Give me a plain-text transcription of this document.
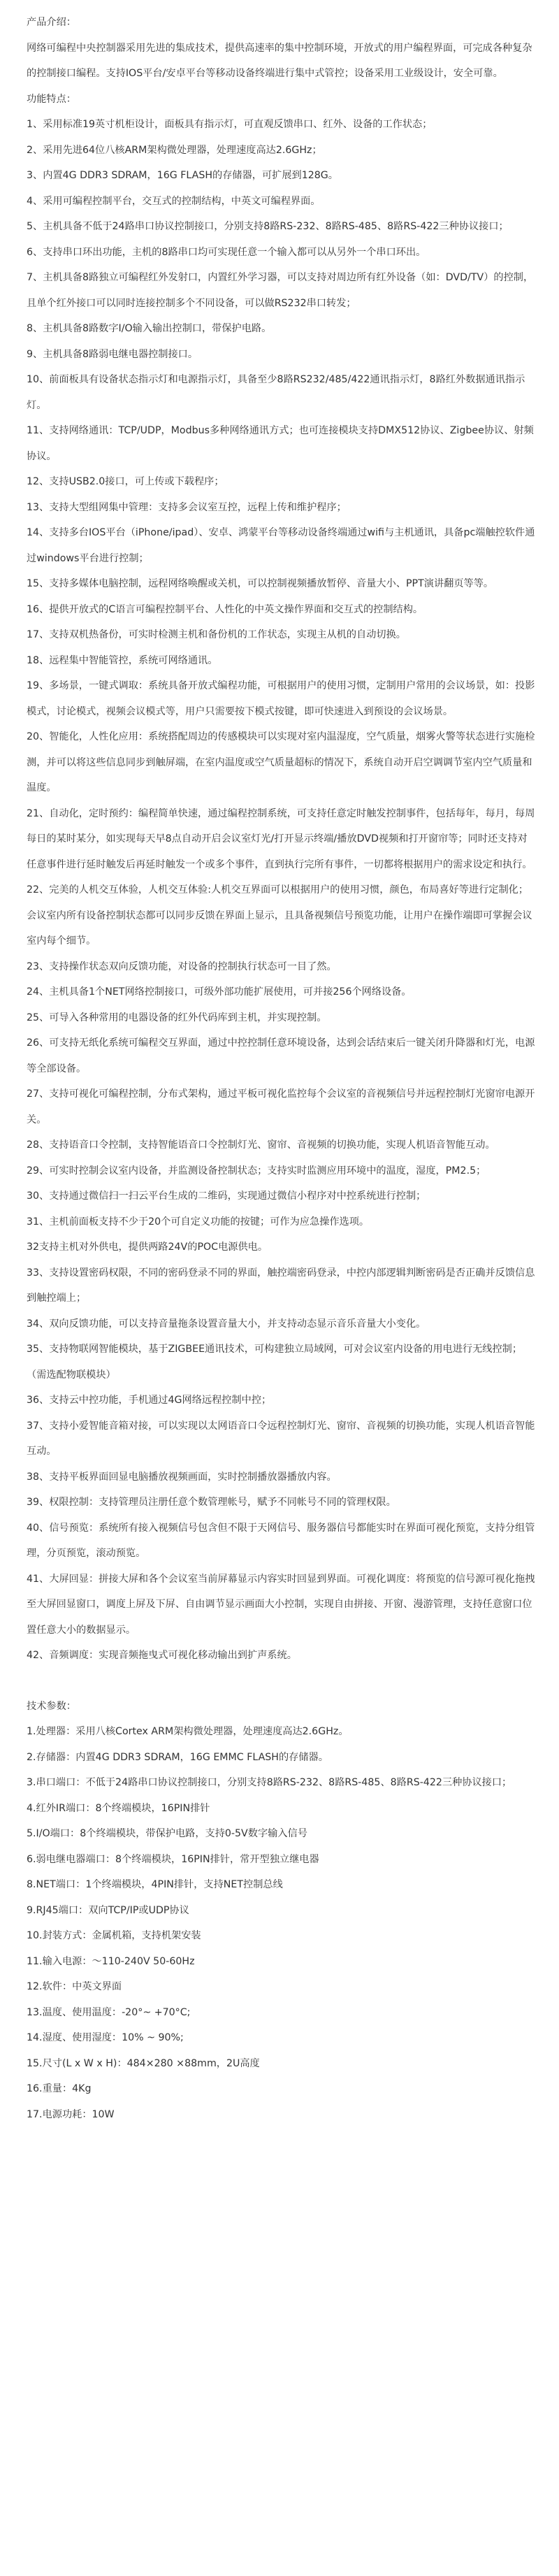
产品介绍：

网络可编程中央控制器采用先进的集成技术，提供高速率的集中控制环境，开放式的用户编程界面，可完成各种复杂的控制接口编程。支持IOS平台/安卓平台等移动设备终端进行集中式管控；设备采用工业级设计，安全可靠。

功能特点：

1、采用标准19英寸机柜设计，面板具有指示灯，可直观反馈串口、红外、设备的工作状态；

2、采用先进64位八核ARM架构微处理器，处理速度高达2.6GHz；

3、内置4G DDR3 SDRAM，16G FLASH的存储器，可扩展到128G。

4、采用可编程控制平台，交互式的控制结构，中英文可编程界面。

5、主机具备不低于24路串口协议控制接口，分别支持8路RS-232、8路RS-485、8路RS-422三种协议接口；

6、支持串口环出功能，主机的8路串口均可实现任意一个输入都可以从另外一个串口环出。

7、主机具备8路独立可编程红外发射口，内置红外学习器，可以支持对周边所有红外设备（如：DVD/TV）的控制，且单个红外接口可以同时连接控制多个不同设备，可以做RS232串口转发；

8、主机具备8路数字I/O输入输出控制口，带保护电路。

9、主机具备8路弱电继电器控制接口。

10、前面板具有设备状态指示灯和电源指示灯，具备至少8路RS232/485/422通讯指示灯，8路红外数据通讯指示灯。

11、支持网络通讯：TCP/UDP，Modbus多种网络通讯方式；也可连接模块支持DMX512协议、Zigbee协议、射频协议。

12、支持USB2.0接口，可上传或下载程序；

13、支持大型组网集中管理：支持多会议室互控，远程上传和维护程序；

14、支持多台IOS平台（iPhone/ipad）、安卓、鸿蒙平台等移动设备终端通过wifi与主机通讯，具备pc端触控软件通过windows平台进行控制；

15、支持多媒体电脑控制，远程网络唤醒或关机，可以控制视频播放暂停、音量大小、PPT演讲翻页等等。

16、提供开放式的C语言可编程控制平台、人性化的中英文操作界面和交互式的控制结构。

17、支持双机热备份，可实时检测主机和备份机的工作状态，实现主从机的自动切换。

18、远程集中智能管控，系统可网络通讯。

19、多场景，一键式调取：系统具备开放式编程功能，可根据用户的使用习惯，定制用户常用的会议场景，如：投影模式，讨论模式，视频会议模式等，用户只需要按下模式按键，即可快速进入到预设的会议场景。

20、智能化，人性化应用：系统搭配周边的传感模块可以实现对室内温湿度，空气质量，烟雾火警等状态进行实施检测，并可以将这些信息同步到触屏端，在室内温度或空气质量超标的情况下，系统自动开启空调调节室内空气质量和温度。

21、自动化，定时预约：编程简单快速，通过编程控制系统，可支持任意定时触发控制事件，包括每年，每月，每周每日的某时某分，如实现每天早8点自动开启会议室灯光/打开显示终端/播放DVD视频和打开窗帘等；同时还支持对任意事件进行延时触发后再延时触发一个或多个事件，直到执行完所有事件，一切都将根据用户的需求设定和执行。

22、完美的人机交互体验，人机交互体验:人机交互界面可以根据用户的使用习惯，颜色，布局喜好等进行定制化；会议室内所有设备控制状态都可以同步反馈在界面上显示，且具备视频信号预览功能，让用户在操作端即可掌握会议室内每个细节。

23、支持操作状态双向反馈功能，对设备的控制执行状态可一目了然。

24、主机具备1个NET网络控制接口，可级外部功能扩展使用，可并接256个网络设备。

25、可导入各种常用的电器设备的红外代码库到主机，并实现控制。

26、可支持无纸化系统可编程交互界面，通过中控控制任意环境设备，达到会话结束后一键关闭升降器和灯光，电源等全部设备。

27、支持可视化可编程控制，分布式架构，通过平板可视化监控每个会议室的音视频信号并远程控制灯光窗帘电源开关。

28、支持语音口令控制，支持智能语音口令控制灯光、窗帘、音视频的切换功能，实现人机语音智能互动。

29、可实时控制会议室内设备，并监测设备控制状态；支持实时监测应用环境中的温度，湿度，PM2.5；

30、支持通过微信扫一扫云平台生成的二维码，实现通过微信小程序对中控系统进行控制；

31、主机前面板支持不少于20个可自定义功能的按键；可作为应急操作选项。

32支持主机对外供电，提供两路24V的POC电源供电。

33、支持设置密码权限，不同的密码登录不同的界面，触控端密码登录，中控内部逻辑判断密码是否正确并反馈信息到触控端上；

34、双向反馈功能，可以支持音量拖条设置音量大小，并支持动态显示音乐音量大小变化。

35、支持物联网智能模块，基于ZIGBEE通讯技术，可构建独立局域网，可对会议室内设备的用电进行无线控制；（需选配物联模块）

36、支持云中控功能，手机通过4G网络远程控制中控；

37、支持小爱智能音箱对接，可以实现以太网语音口令远程控制灯光、窗帘、音视频的切换功能，实现人机语音智能互动。

38、支持平板界面回显电脑播放视频画面，实时控制播放器播放内容。

39、权限控制：支持管理员注册任意个数管理帐号，赋予不同帐号不同的管理权限。

40、信号预览：系统所有接入视频信号包含但不限于天网信号、服务器信号都能实时在界面可视化预览，支持分组管理，分页预览，滚动预览。

41、大屏回显：拼接大屏和各个会议室当前屏幕显示内容实时回显到界面。可视化调度：将预览的信号源可视化拖拽至大屏回显窗口，调度上屏及下屏、自由调节显示画面大小控制，实现自由拼接、开窗、漫游管理，支持任意窗口位置任意大小的数据显示。

42、音频调度：实现音频拖曳式可视化移动输出到扩声系统。

技术参数：

1.处理器：采用八核Cortex ARM架构微处理器，处理速度高达2.6GHz。

2.存储器：内置4G DDR3 SDRAM，16G EMMC FLASH的存储器。

3.串口端口：不低于24路串口协议控制接口，分别支持8路RS-232、8路RS-485、8路RS-422三种协议接口；

4.红外IR端口：8个终端模块，16PIN排针

5.I/O端口：8个终端模块，带保护电路，支持0-5V数字输入信号

6.弱电继电器端口：8个终端模块，16PIN排针，常开型独立继电器

8.NET端口：1个终端模块，4PIN排针，支持NET控制总线

9.RJ45端口：双向TCP/IP或UDP协议

10.封装方式：金属机箱，支持机架安装

11.输入电源：～110-240V 50-60Hz

12.软件：中英文界面

13.温度、使用温度：-20°~ +70°C;

14.湿度、使用湿度：10% ~ 90%;

15.尺寸(L x W x H)：484×280 ×88mm，2U高度

16.重量：4Kg

17.电源功耗：10W
